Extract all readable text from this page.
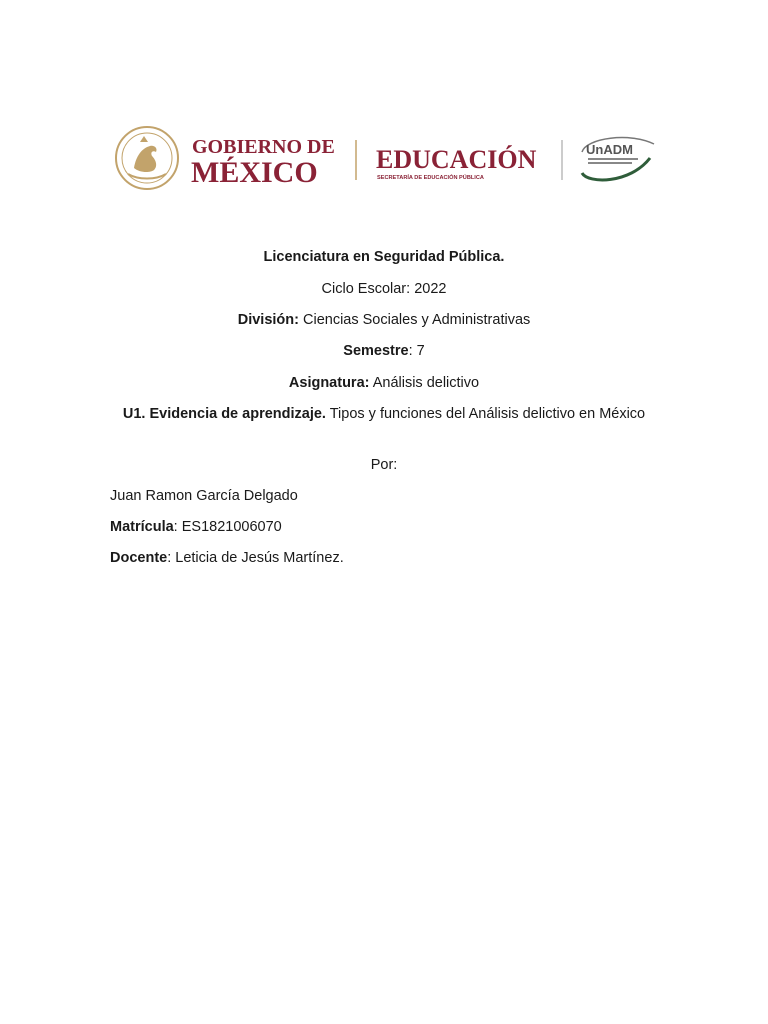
GOBIERNO DE
MÉXICO EDUCACIÓN
SECRETARÍA DE EDUCACIÓN PÚBLICA
UnADM
Licenciatura en Seguridad Pública.
Ciclo Escolar: 2022
División: Ciencias Sociales y Administrativas
Semestre: 7
Asignatura: Análisis delictivo
U1. Evidencia de aprendizaje. Tipos y funciones del Análisis delictivo en México
Por:
Juan Ramon García Delgado
Matrícula: ES1821006070
Docente: Leticia de Jesús Martínez.
